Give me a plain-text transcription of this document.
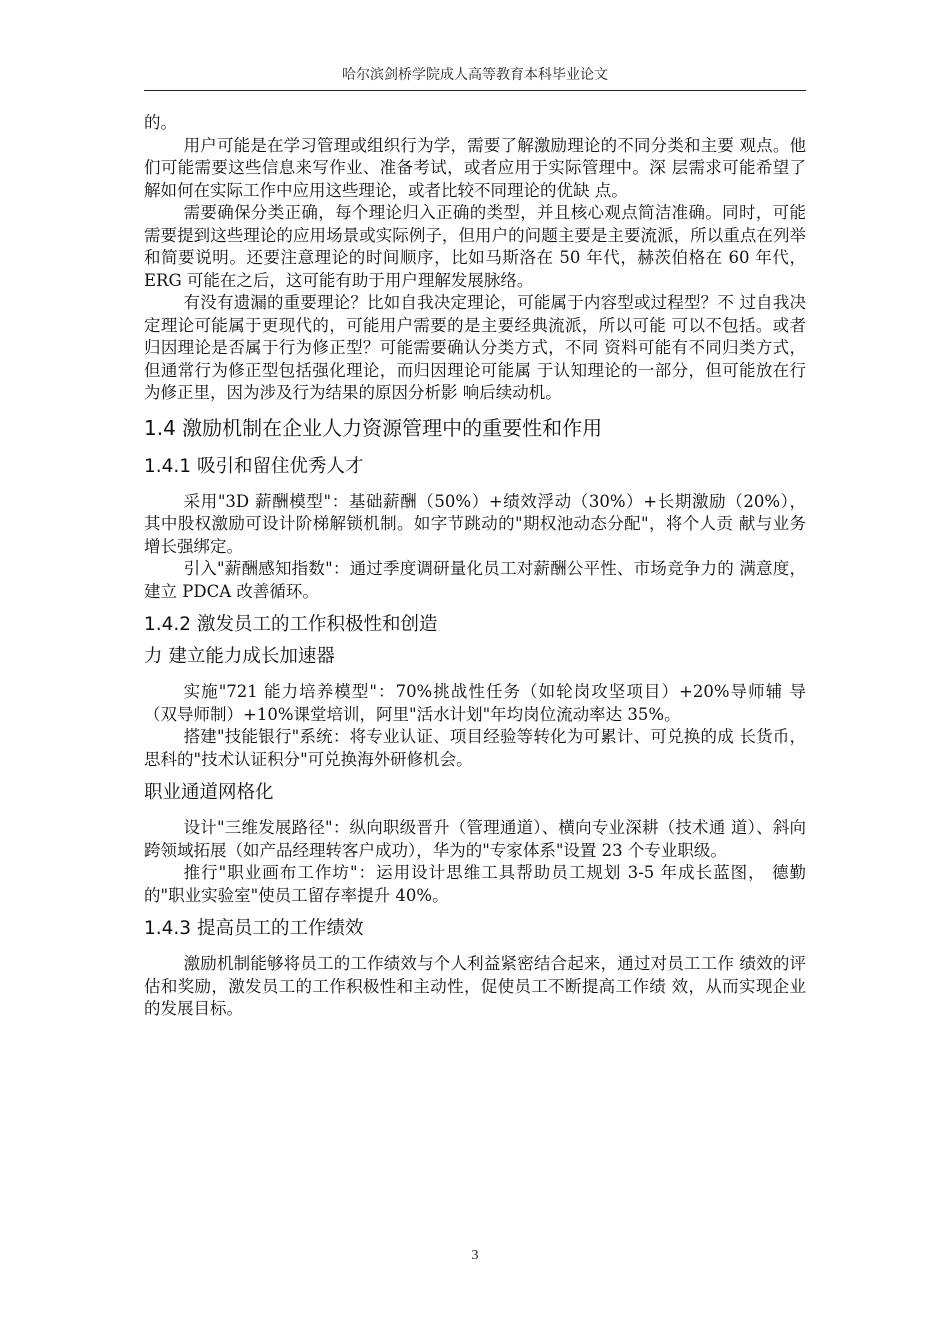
哈尔滨剑桥学院成人高等教育本科毕业论文

的。

用户可能是在学习管理或组织行为学，需要了解激励理论的不同分类和主要 观点。他们可能需要这些信息来写作业、准备考试，或者应用于实际管理中。深 层需求可能希望了解如何在实际工作中应用这些理论，或者比较不同理论的优缺 点。

需要确保分类正确，每个理论归入正确的类型，并且核心观点简洁准确。同时，可能需要提到这些理论的应用场景或实际例子，但用户的问题主要是主要流派，所以重点在列举和简要说明。还要注意理论的时间顺序，比如马斯洛在 50 年代，赫茨伯格在 60 年代，ERG 可能在之后，这可能有助于用户理解发展脉络。

有没有遗漏的重要理论？比如自我决定理论，可能属于内容型或过程型？不 过自我决定理论可能属于更现代的，可能用户需要的是主要经典流派，所以可能 可以不包括。或者归因理论是否属于行为修正型？可能需要确认分类方式，不同 资料可能有不同归类方式，但通常行为修正型包括强化理论，而归因理论可能属 于认知理论的一部分，但可能放在行为修正里，因为涉及行为结果的原因分析影 响后续动机。

1.4 激励机制在企业人力资源管理中的重要性和作用
1.4.1 吸引和留住优秀人才

采用"3D 薪酬模型"：基础薪酬（50%）+绩效浮动（30%）+长期激励（20%）， 其中股权激励可设计阶梯解锁机制。如字节跳动的"期权池动态分配"，将个人贡 献与业务增长强绑定。

引入"薪酬感知指数"：通过季度调研量化员工对薪酬公平性、市场竞争力的 满意度，建立 PDCA 改善循环。

1.4.2 激发员工的工作积极性和创造
力 建立能力成长加速器

实施"721 能力培养模型"：70%挑战性任务（如轮岗攻坚项目）+20%导师辅 导（双导师制）+10%课堂培训，阿里"活水计划"年均岗位流动率达 35%。

搭建"技能银行"系统：将专业认证、项目经验等转化为可累计、可兑换的成 长货币，思科的"技术认证积分"可兑换海外研修机会。

职业通道网格化

设计"三维发展路径"：纵向职级晋升（管理通道）、横向专业深耕（技术通 道）、斜向跨领域拓展（如产品经理转客户成功），华为的"专家体系"设置 23 个专业职级。

推行"职业画布工作坊"：运用设计思维工具帮助员工规划 3-5 年成长蓝图， 德勤的"职业实验室"使员工留存率提升 40%。

1.4.3 提高员工的工作绩效

激励机制能够将员工的工作绩效与个人利益紧密结合起来，通过对员工工作 绩效的评估和奖励，激发员工的工作积极性和主动性，促使员工不断提高工作绩 效，从而实现企业的发展目标。

3
